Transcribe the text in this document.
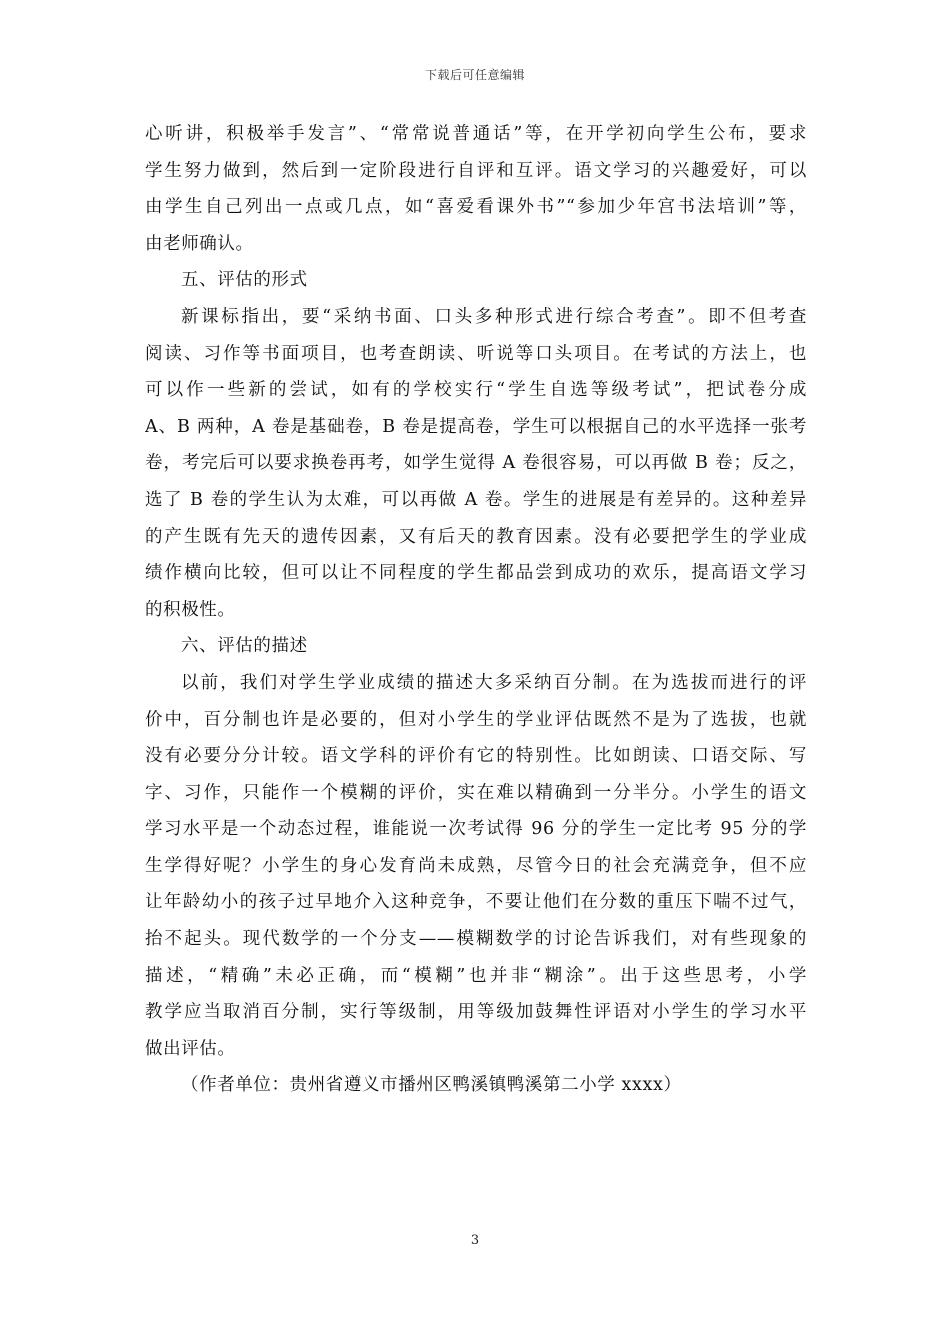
下载后可任意编辑
心听讲，积极举手发言”、“常常说普通话”等，在开学初向学生公布，要求
学生努力做到，然后到一定阶段进行自评和互评。语文学习的兴趣爱好，可以
由学生自己列出一点或几点，如“喜爱看课外书”“参加少年宫书法培训”等，
由老师确认。
五、评估的形式
新课标指出，要“采纳书面、口头多种形式进行综合考查”。即不但考查
阅读、习作等书面项目，也考查朗读、听说等口头项目。在考试的方法上，也
可以作一些新的尝试，如有的学校实行“学生自选等级考试”，把试卷分成
A、B 两种，A 卷是基础卷，B 卷是提高卷，学生可以根据自己的水平选择一张考
卷，考完后可以要求换卷再考，如学生觉得 A 卷很容易，可以再做 B 卷；反之，
选了 B 卷的学生认为太难，可以再做 A 卷。学生的进展是有差异的。这种差异
的产生既有先天的遗传因素，又有后天的教育因素。没有必要把学生的学业成
绩作横向比较，但可以让不同程度的学生都品尝到成功的欢乐，提高语文学习
的积极性。
六、评估的描述
以前，我们对学生学业成绩的描述大多采纳百分制。在为选拔而进行的评
价中，百分制也许是必要的，但对小学生的学业评估既然不是为了选拔，也就
没有必要分分计较。语文学科的评价有它的特别性。比如朗读、口语交际、写
字、习作，只能作一个模糊的评价，实在难以精确到一分半分。小学生的语文
学习水平是一个动态过程，谁能说一次考试得 96 分的学生一定比考 95 分的学
生学得好呢？小学生的身心发育尚未成熟，尽管今日的社会充满竞争，但不应
让年龄幼小的孩子过早地介入这种竞争，不要让他们在分数的重压下喘不过气，
抬不起头。现代数学的一个分支——模糊数学的讨论告诉我们，对有些现象的
描述，“精确”未必正确，而“模糊”也并非“糊涂”。出于这些思考，小学
教学应当取消百分制，实行等级制，用等级加鼓舞性评语对小学生的学习水平
做出评估。
（作者单位：贵州省遵义市播州区鸭溪镇鸭溪第二小学 xxxx）
3
